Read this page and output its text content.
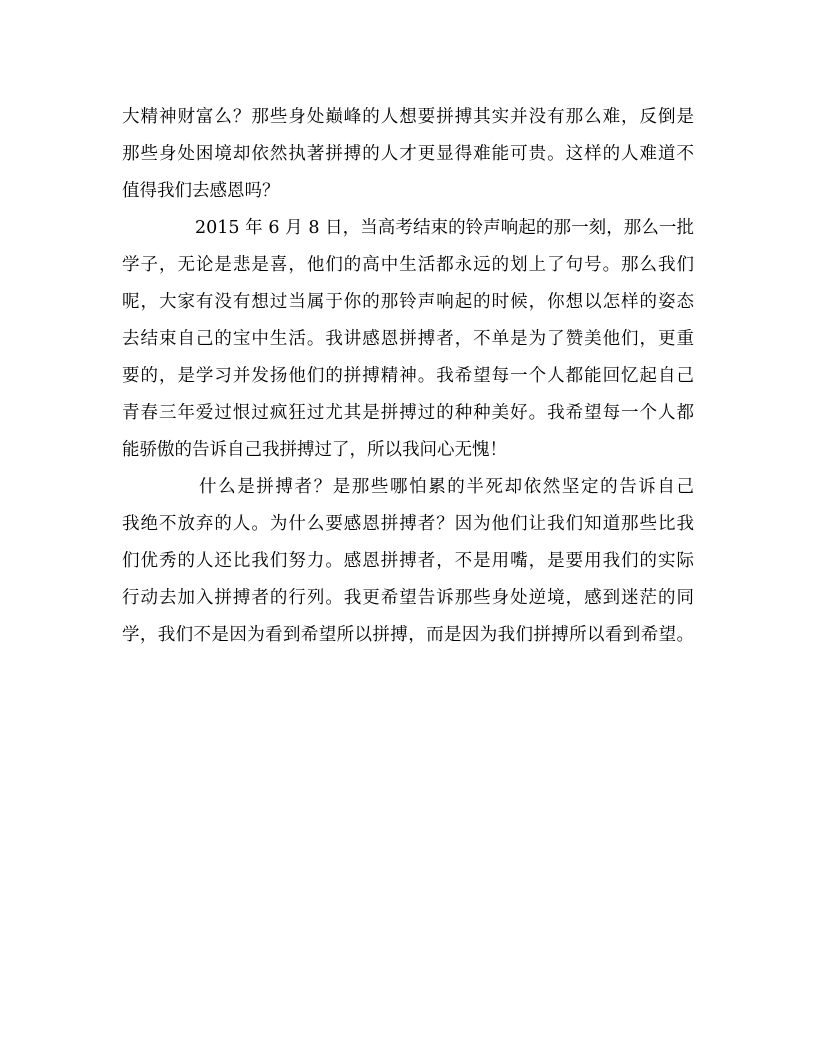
大精神财富么？那些身处巅峰的人想要拼搏其实并没有那么难，反倒是
那些身处困境却依然执著拼搏的人才更显得难能可贵。这样的人难道不
值得我们去感恩吗？
2015 年 6 月 8 日，当高考结束的铃声响起的那一刻，那么一批
学子，无论是悲是喜，他们的高中生活都永远的划上了句号。那么我们
呢，大家有没有想过当属于你的那铃声响起的时候，你想以怎样的姿态
去结束自己的宝中生活。我讲感恩拼搏者，不单是为了赞美他们，更重
要的，是学习并发扬他们的拼搏精神。我希望每一个人都能回忆起自己
青春三年爱过恨过疯狂过尤其是拼搏过的种种美好。我希望每一个人都
能骄傲的告诉自己我拼搏过了，所以我问心无愧！
什么是拼搏者？是那些哪怕累的半死却依然坚定的告诉自己
我绝不放弃的人。为什么要感恩拼搏者？因为他们让我们知道那些比我
们优秀的人还比我们努力。感恩拼搏者，不是用嘴，是要用我们的实际
行动去加入拼搏者的行列。我更希望告诉那些身处逆境，感到迷茫的同
学，我们不是因为看到希望所以拼搏，而是因为我们拼搏所以看到希望。
